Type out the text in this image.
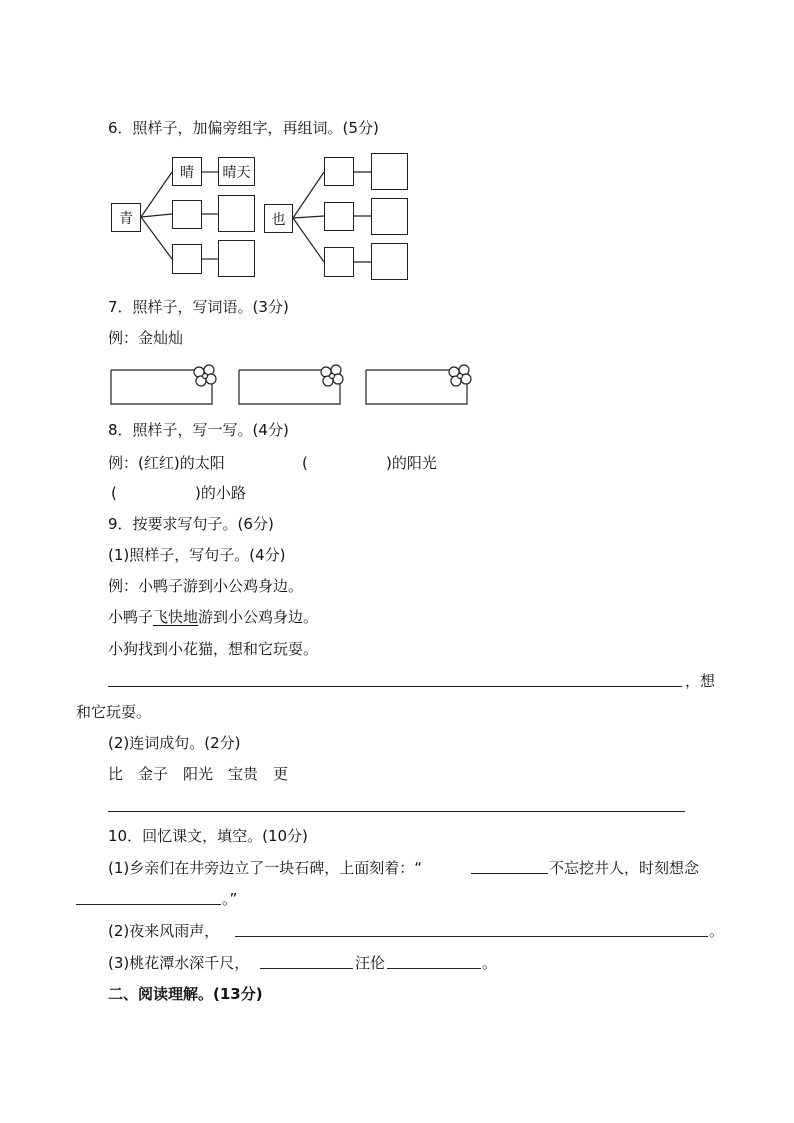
6．照样子，加偏旁组字，再组词。(5分)
青
晴	晴天
也
7．照样子，写词语。(3分)
例：金灿灿
8．照样子，写一写。(4分)
例：(红红)的太阳	(	)的阳光
(	)的小路
9．按要求写句子。(6分)
(1)照样子，写句子。(4分)
例：小鸭子游到小公鸡身边。
小鸭子飞快地游到小公鸡身边。
小狗找到小花猫，想和它玩耍。
，想
和它玩耍。
(2)连词成句。(2分)
比　金子　阳光　宝贵　更
10．回忆课文，填空。(10分)
(1)乡亲们在井旁边立了一块石碑，上面刻着：“	不忘挖井人，时刻想念
。”
(2)夜来风雨声，	。
(3)桃花潭水深千尺，	汪伦	。
二、阅读理解。(13分)
